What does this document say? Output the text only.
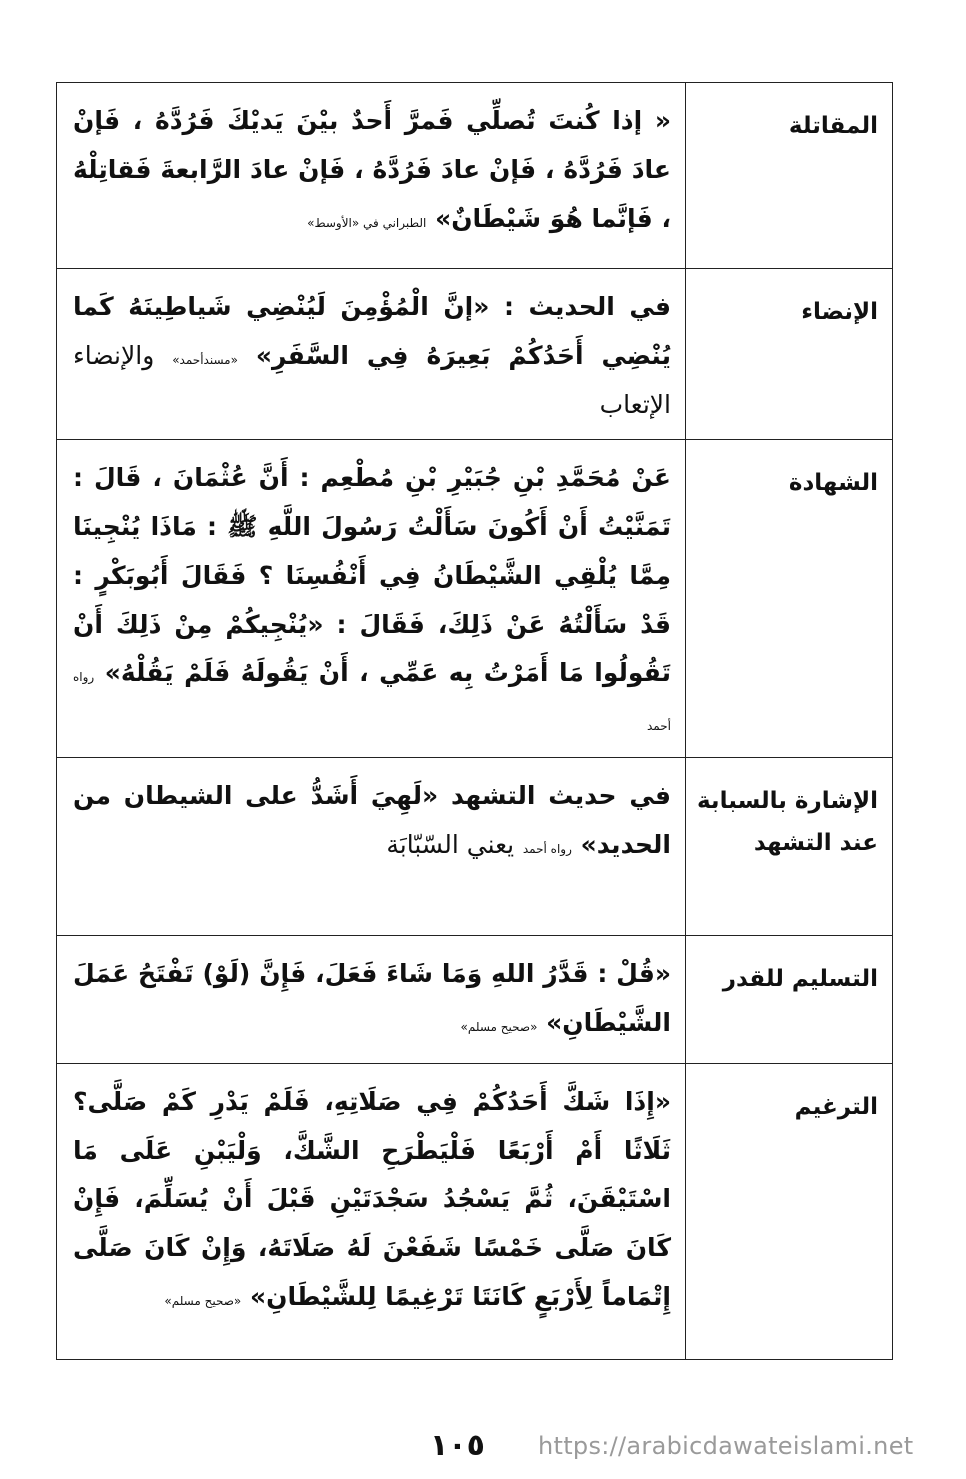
المقاتلة	« إذا كُنتَ تُصلِّي فَمرَّ أَحدٌ بيْنَ يَديْكَ فَرُدَّهُ ، فَإنْ عادَ فَرُدَّهُ ، فَإنْ عادَ فَرُدَّهُ ، فَإنْ عادَ الرَّابعةَ فَقاتِلْهُ ، فَإنَّما هُوَ شَيْطَانٌ» الطبراني في «الأوسط»
الإنضاء	في الحديث : «إنَّ الْمُؤْمِنَ لَيُنْضِي شَياطِينَهُ كَما يُنْضِي أَحَدُكُمْ بَعِيرَهُ فِي السَّفَرِ» «مسندأحمد» والإنضاء الإتعاب
الشهادة	عَنْ مُحَمَّدِ بْنِ جُبَيْرِ بْنِ مُطْعِم : أَنَّ عُثْمَانَ ، قَالَ : تَمَنَّيْتُ أَنْ أَكُونَ سَأَلْتُ رَسُولَ اللَّهِ ﷺ : مَاذَا يُنْجِينَا مِمَّا يُلْقِي الشَّيْطَانُ فِي أَنْفُسِنَا ؟ فَقَالَ أَبُوبَكْرٍ : قَدْ سَأَلْتُهُ عَنْ ذَلِكَ، فَقَالَ : «يُنْجِيكُمْ مِنْ ذَلِكَ أَنْ تَقُولُوا مَا أَمَرْتُ بِه عَمِّي ، أَنْ يَقُولَهُ فَلَمْ يَقُلْهُ» رواه أحمد
الإشارة بالسبابة عند التشهد	في حديث التشهد «لَهِيَ أَشَدُّ على الشيطان من الحديد» رواه أحمد يعني السّبّابَة
التسليم للقدر	«قُلْ : قَدَّرُ اللهِ وَمَا شَاءَ فَعَلَ، فَإِنَّ (لَوْ) تَفْتَحُ عَمَلَ الشَّيْطَانِ» «صحيح مسلم»
الترغيم	«إِذَا شَكَّ أَحَدُكُمْ فِي صَلَاتِهِ، فَلَمْ يَدْرِ كَمْ صَلَّى؟ ثَلَاثًا أَمْ أَرْبَعًا فَلْيَطْرَحِ الشَّكَّ، وَلْيَبْنِ عَلَى مَا اسْتَيْقَنَ، ثُمَّ يَسْجُدُ سَجْدَتَيْنِ قَبْلَ أَنْ يُسَلِّمَ، فَإِنْ كَانَ صَلَّى خَمْسًا شَفَعْنَ لَهُ صَلَاتَهُ، وَإِنْ كَانَ صَلَّى إِتْمَاماً لِأَرْبَعٍ كَانَتَا تَرْغِيمًا لِلشَّيْطَانِ» «صحيح مسلم»
١٠٥ https://arabicdawateislami.net
